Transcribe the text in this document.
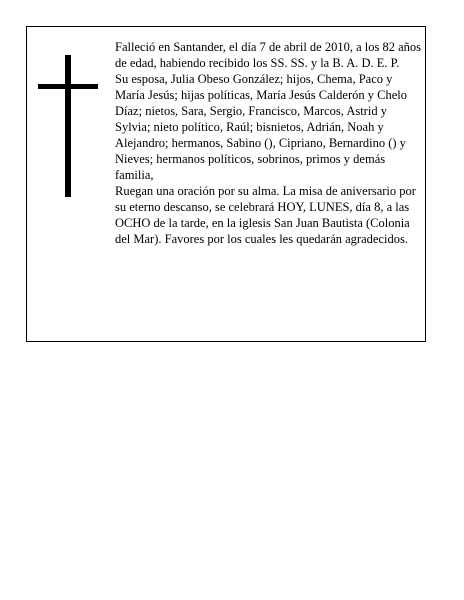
Falleció en Santander, el día 7 de abril de 2010, a los 82 años de edad, habiendo recibido los SS. SS. y la B. A. D. E. P.

Su esposa, Julia Obeso González; hijos, Chema, Paco y María Jesús; hijas políticas, María Jesús Calderón y Chelo Díaz; nietos, Sara, Sergio, Francisco, Marcos, Astrid y Sylvia; nieto político, Raúl; bisnietos, Adrián, Noah y Alejandro; hermanos, Sabino (), Cipriano, Bernardino () y Nieves; hermanos políticos, sobrinos, primos y demás familia,

Ruegan una oración por su alma. La misa de aniversario por su eterno descanso, se celebrará HOY, LUNES, día 8, a las OCHO de la tarde, en la iglesis San Juan Bautista (Colonia del Mar). Favores por los cuales les quedarán agradecidos.
